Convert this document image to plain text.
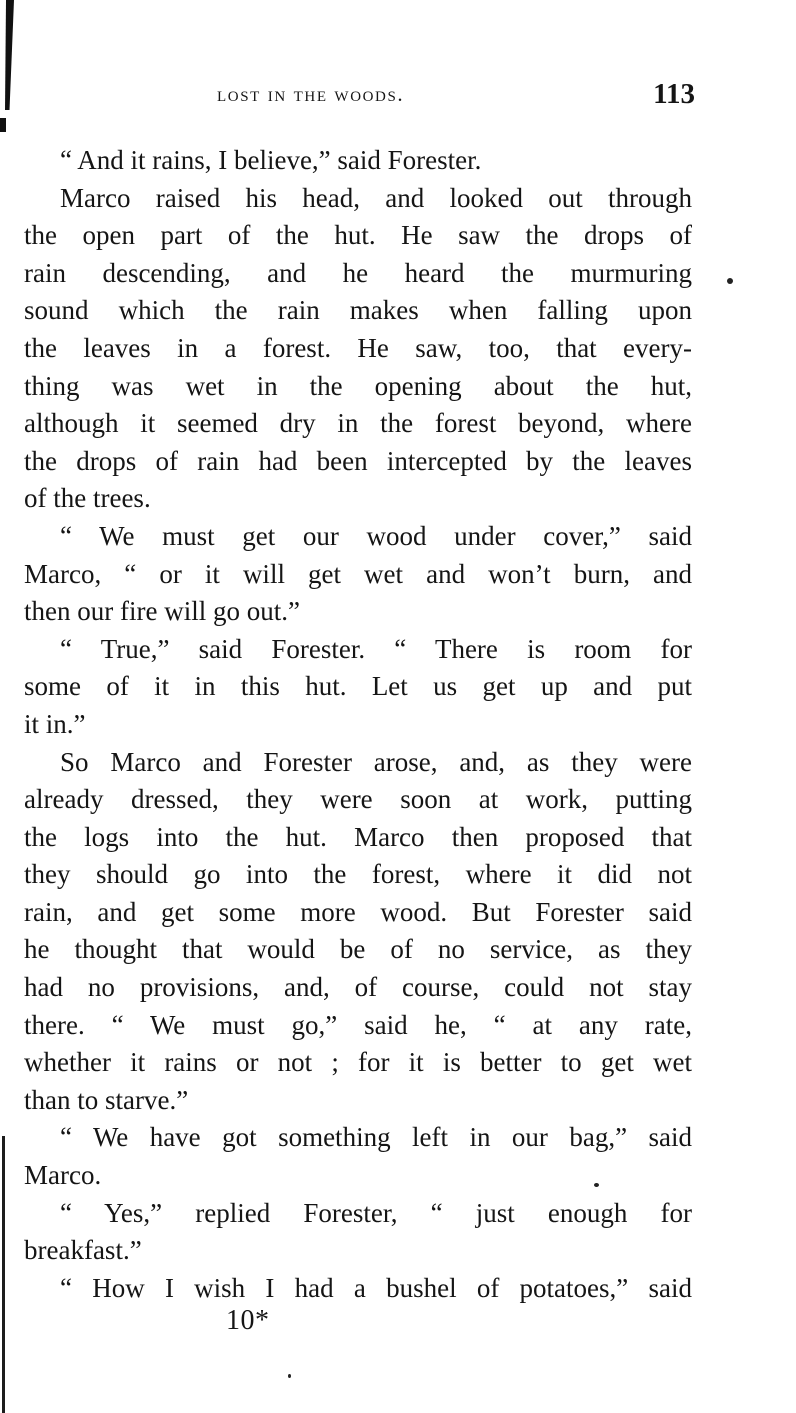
lost in the woods.	113
“ And it rains, I believe,” said Forester.
Marco raised his head, and looked out through
the open part of the hut. He saw the drops of
rain descending, and he heard the murmuring
sound which the rain makes when falling upon
the leaves in a forest. He saw, too, that every-
thing was wet in the opening about the hut,
although it seemed dry in the forest beyond, where
the drops of rain had been intercepted by the leaves
of the trees.
“ We must get our wood under cover,” said
Marco, “ or it will get wet and won’t burn, and
then our fire will go out.”
“ True,” said Forester. “ There is room for
some of it in this hut. Let us get up and put
it in.”
So Marco and Forester arose, and, as they were
already dressed, they were soon at work, putting
the logs into the hut. Marco then proposed that
they should go into the forest, where it did not
rain, and get some more wood. But Forester said
he thought that would be of no service, as they
had no provisions, and, of course, could not stay
there. “ We must go,” said he, “ at any rate,
whether it rains or not ; for it is better to get wet
than to starve.”
“ We have got something left in our bag,” said
Marco.
“ Yes,” replied Forester, “ just enough for
breakfast.”
“ How I wish I had a bushel of potatoes,” said
10*
